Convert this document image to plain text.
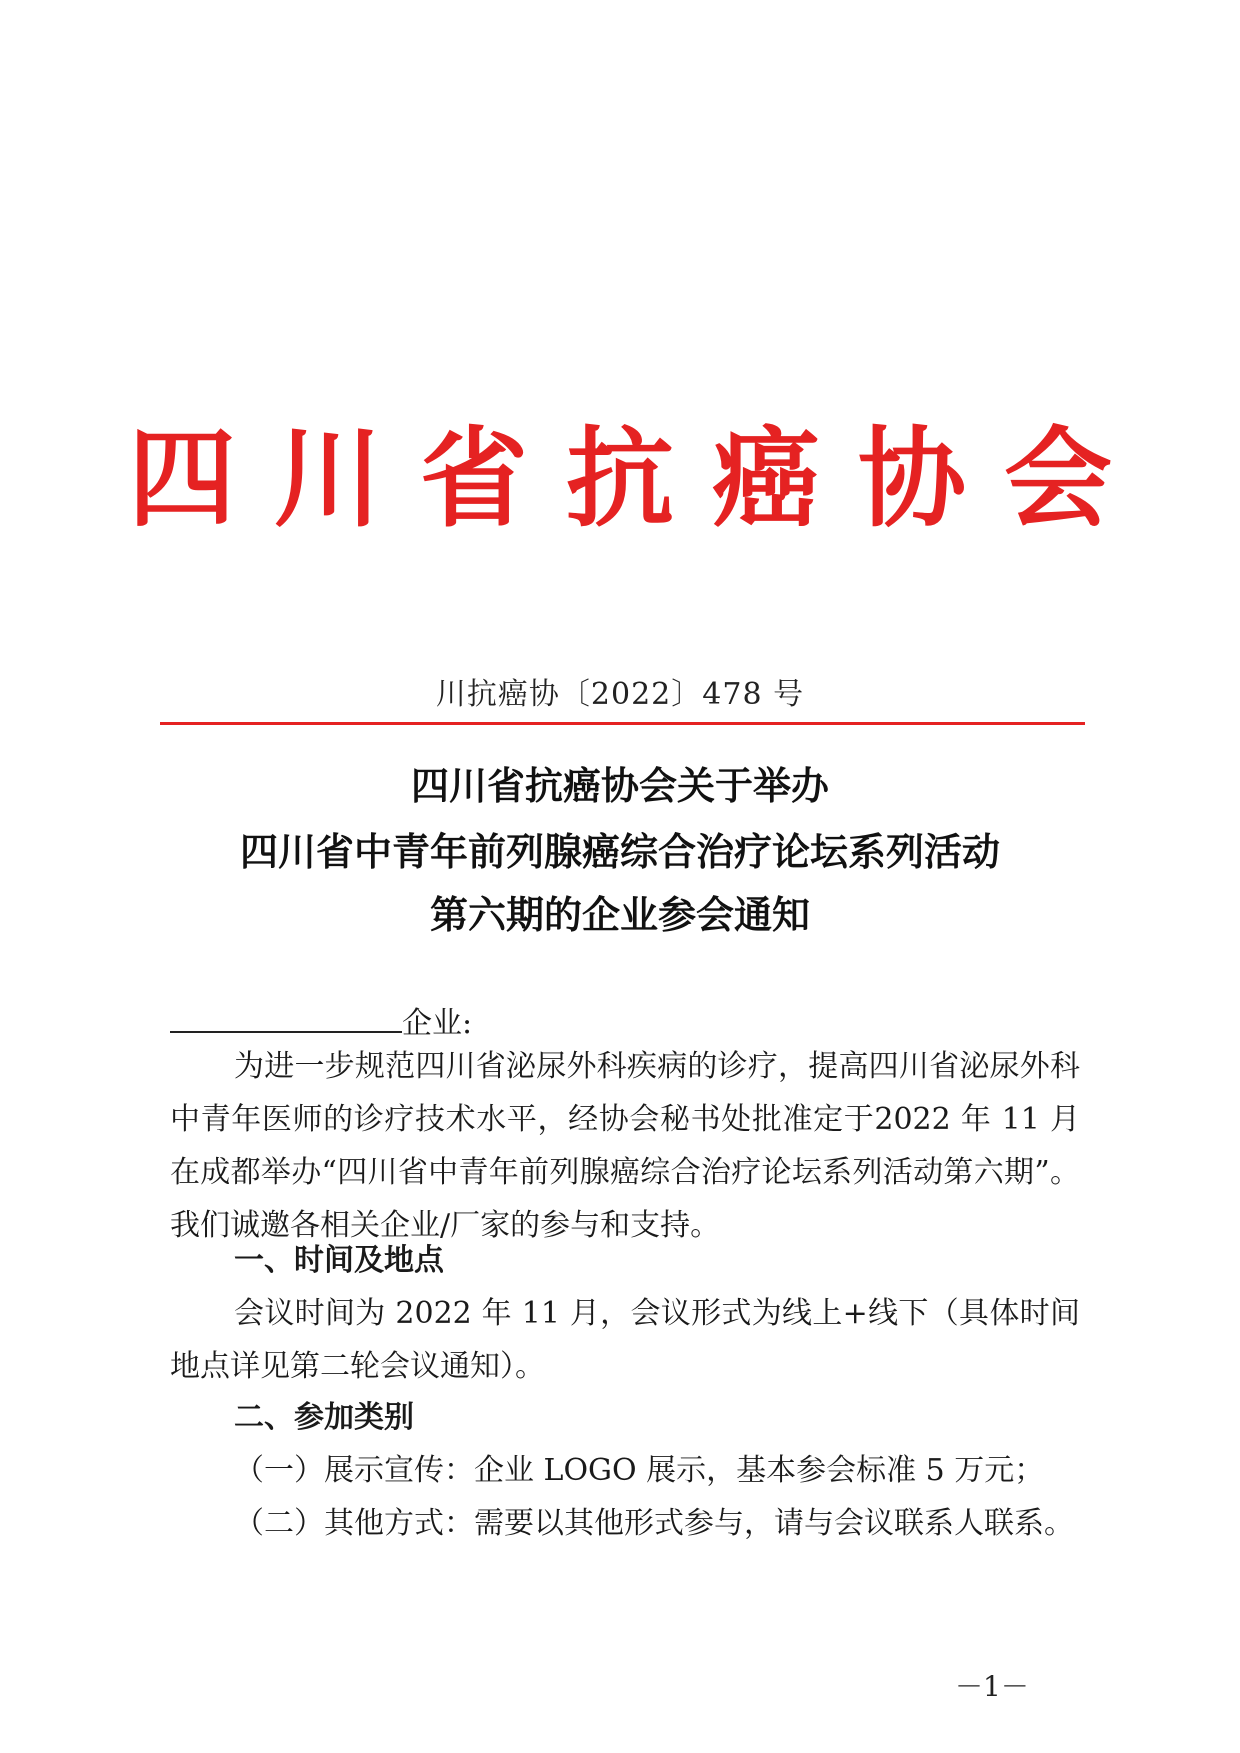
四川省抗癌协会
川抗癌协〔2022〕478 号
四川省抗癌协会关于举办
四川省中青年前列腺癌综合治疗论坛系列活动
第六期的企业参会通知
企业:

为进一步规范四川省泌尿外科疾病的诊疗，提高四川省泌尿外科中青年医师的诊疗技术水平，经协会秘书处批准定于2022 年 11 月在成都举办“四川省中青年前列腺癌综合治疗论坛系列活动第六期”。我们诚邀各相关企业/厂家的参与和支持。

一、时间及地点

会议时间为 2022 年 11 月，会议形式为线上+线下（具体时间地点详见第二轮会议通知）。

二、参加类别

（一）展示宣传：企业 LOGO 展示，基本参会标准 5 万元；

（二）其他方式：需要以其他形式参与，请与会议联系人联系。

－1－
